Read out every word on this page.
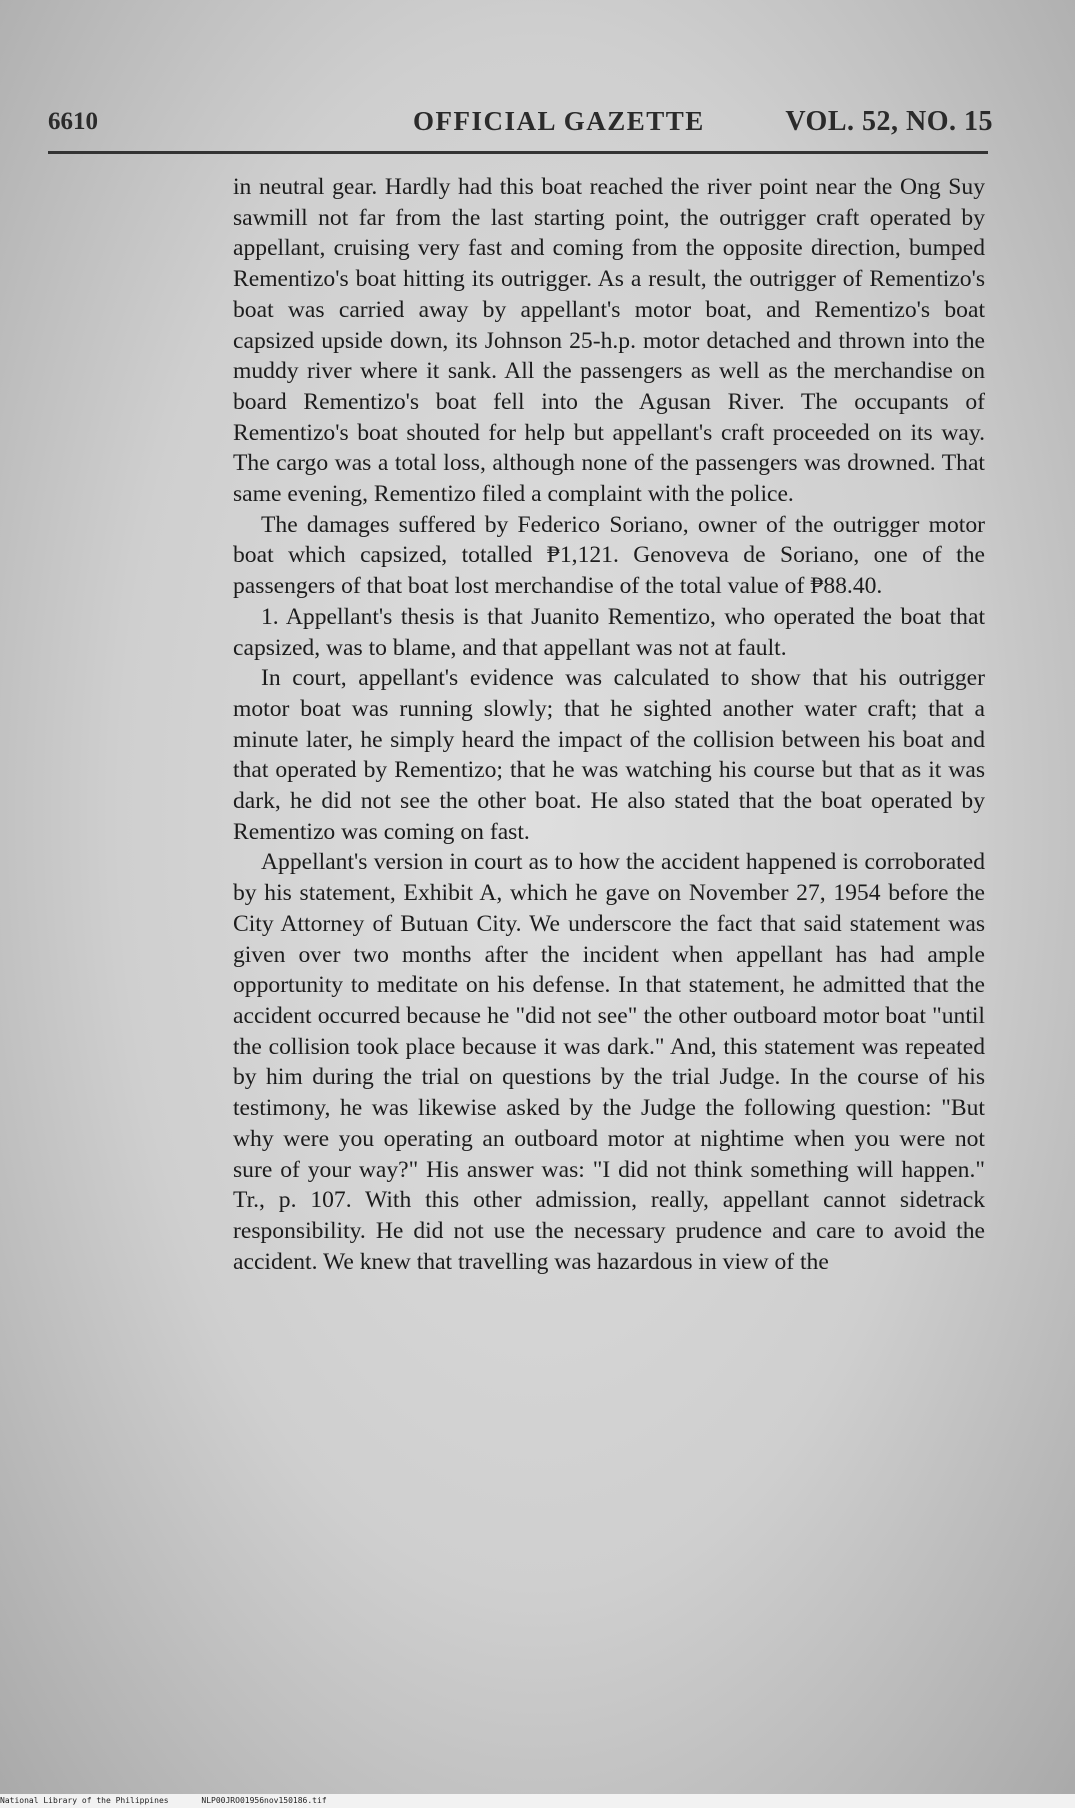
6610	OFFICIAL GAZETTE	VOL. 52, NO. 15

in neutral gear. Hardly had this boat reached the river point near the Ong Suy sawmill not far from the last starting point, the outrigger craft operated by appellant, cruising very fast and coming from the opposite direction, bumped Rementizo's boat hitting its outrigger. As a result, the outrigger of Rementizo's boat was carried away by appellant's motor boat, and Rementizo's boat capsized upside down, its Johnson 25-h.p. motor detached and thrown into the muddy river where it sank. All the passengers as well as the merchandise on board Rementizo's boat fell into the Agusan River. The occupants of Rementizo's boat shouted for help but appellant's craft proceeded on its way. The cargo was a total loss, although none of the passengers was drowned. That same evening, Rementizo filed a complaint with the police.

The damages suffered by Federico Soriano, owner of the outrigger motor boat which capsized, totalled ₱1,121. Genoveva de Soriano, one of the passengers of that boat lost merchandise of the total value of ₱88.40.

1. Appellant's thesis is that Juanito Rementizo, who operated the boat that capsized, was to blame, and that appellant was not at fault.

In court, appellant's evidence was calculated to show that his outrigger motor boat was running slowly; that he sighted another water craft; that a minute later, he simply heard the impact of the collision between his boat and that operated by Rementizo; that he was watching his course but that as it was dark, he did not see the other boat. He also stated that the boat operated by Rementizo was coming on fast.

Appellant's version in court as to how the accident happened is corroborated by his statement, Exhibit A, which he gave on November 27, 1954 before the City Attorney of Butuan City. We underscore the fact that said statement was given over two months after the incident when appellant has had ample opportunity to meditate on his defense. In that statement, he admitted that the accident occurred because he "did not see" the other outboard motor boat "until the collision took place because it was dark." And, this statement was repeated by him during the trial on questions by the trial Judge. In the course of his testimony, he was likewise asked by the Judge the following question: "But why were you operating an outboard motor at nightime when you were not sure of your way?" His answer was: "I did not think something will happen." Tr., p. 107. With this other admission, really, appellant cannot sidetrack responsibility. He did not use the necessary prudence and care to avoid the accident. We knew that travelling was hazardous in view of the

National Library of the Philippines	NLP00JRO01956nov150186.tif
